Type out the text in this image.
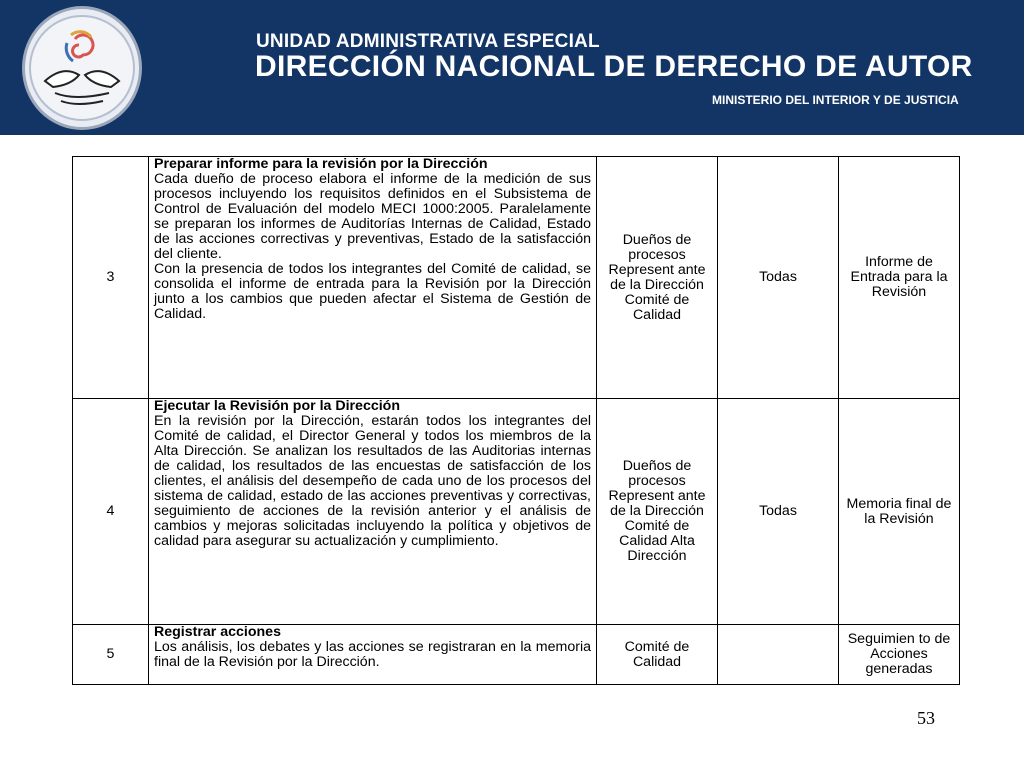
UNIDAD ADMINISTRATIVA ESPECIAL
DIRECCIÓN NACIONAL DE DERECHO DE AUTOR
MINISTERIO DEL INTERIOR Y DE JUSTICIA
3	Preparar informe para la revisión por la Dirección
Cada dueño de proceso elabora el informe de la medición de sus procesos incluyendo los requisitos definidos en el Subsistema de Control de Evaluación del modelo MECI 1000:2005. Paralelamente se preparan los informes de Auditorías Internas de Calidad, Estado de las acciones correctivas y preventivas, Estado de la satisfacción del cliente.
Con la presencia de todos los integrantes del Comité de calidad, se consolida el informe de entrada para la Revisión por la Dirección junto a los cambios que pueden afectar el Sistema de Gestión de Calidad.	Dueños de procesos Represent ante de la Dirección Comité de Calidad	Todas	Informe de Entrada para la Revisión
4	Ejecutar la Revisión por la Dirección
En la revisión por la Dirección, estarán todos los integrantes del Comité de calidad, el Director General y todos los miembros de la Alta Dirección. Se analizan los resultados de las Auditorias internas de calidad, los resultados de las encuestas de satisfacción de los clientes, el análisis del desempeño de cada uno de los procesos del sistema de calidad, estado de las acciones preventivas y correctivas, seguimiento de acciones de la revisión anterior y el análisis de cambios y mejoras solicitadas incluyendo la política y objetivos de calidad para asegurar su actualización y cumplimiento.	Dueños de procesos Represent ante de la Dirección Comité de Calidad Alta Dirección	Todas	Memoria final de la Revisión
5	Registrar acciones
Los análisis, los debates y las acciones se registraran en la memoria final de la Revisión por la Dirección.	Comité de Calidad		Seguimien to de Acciones generadas
53
